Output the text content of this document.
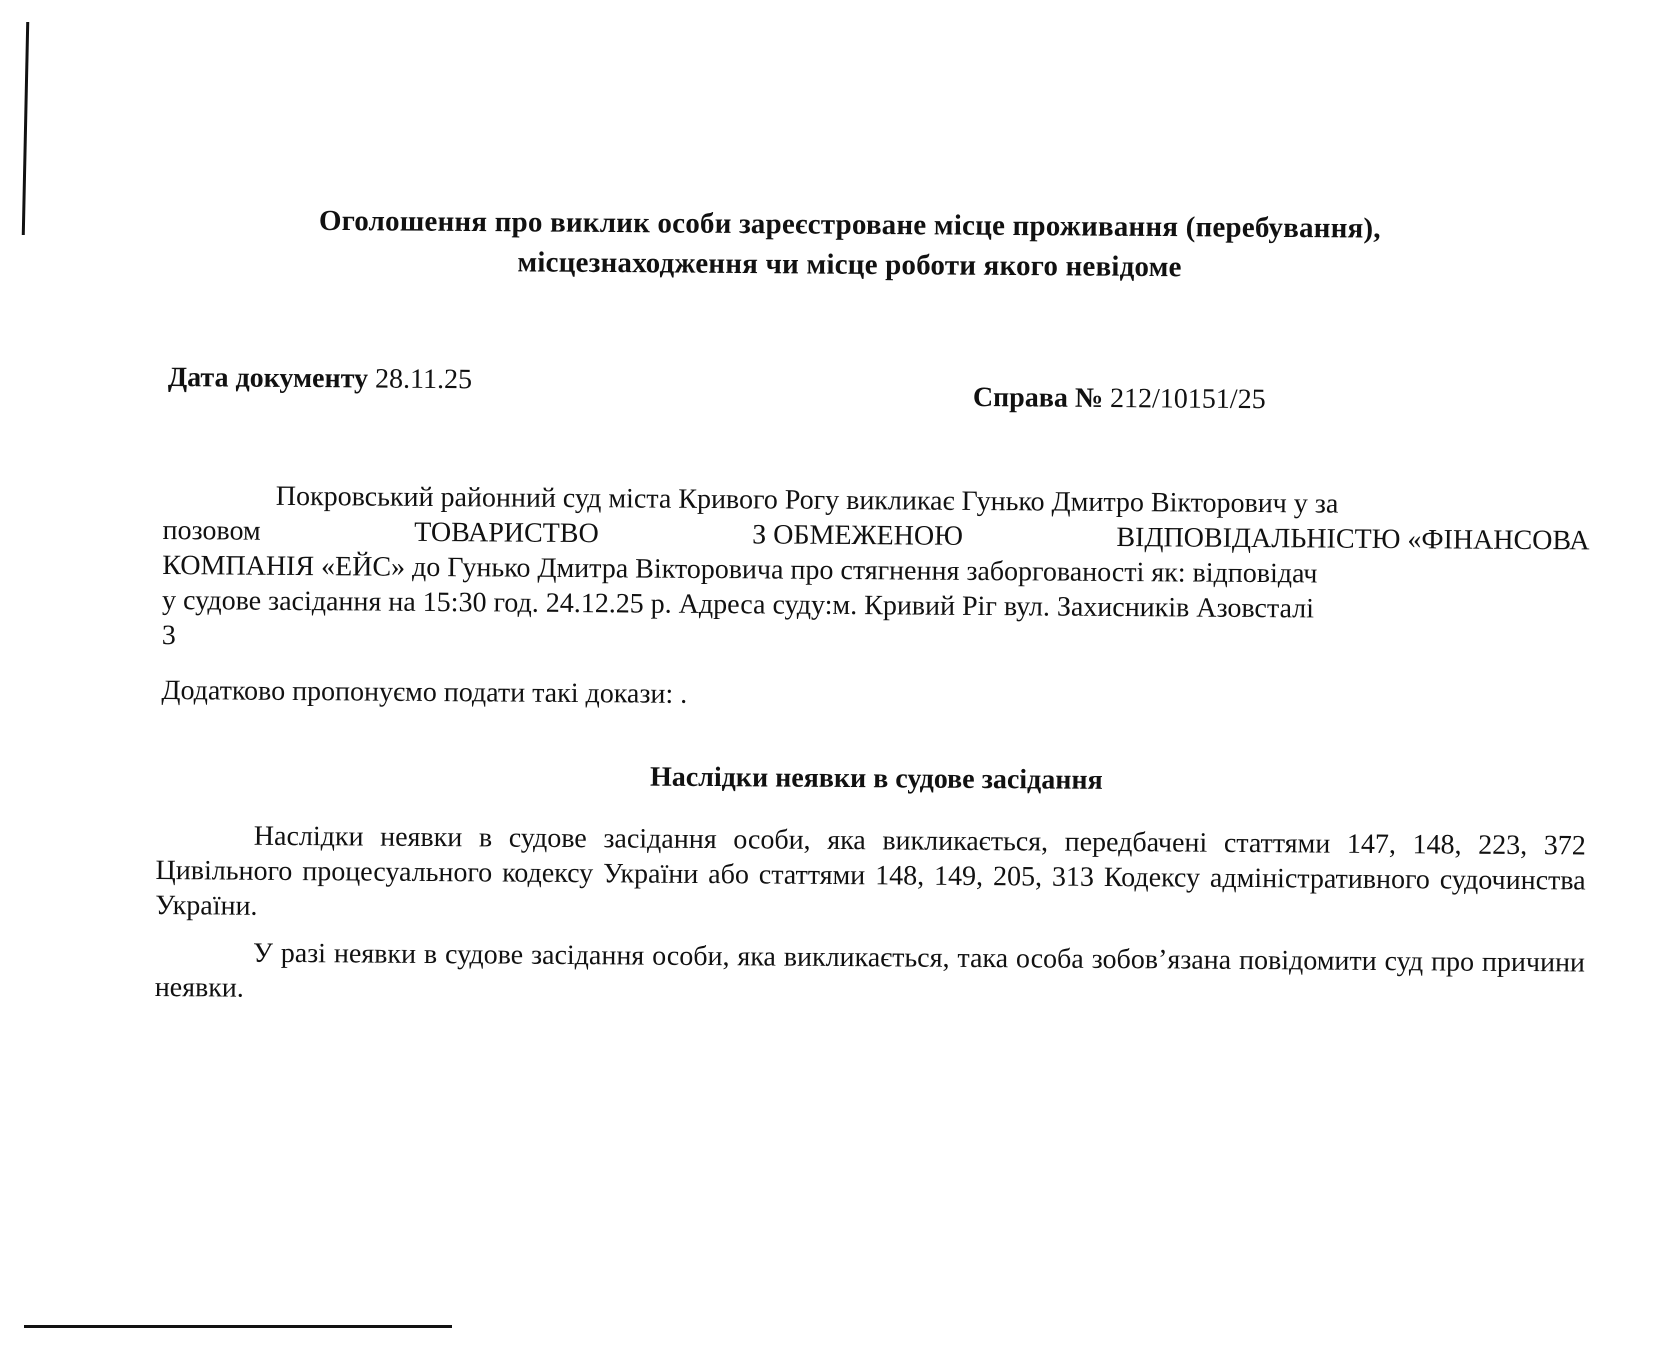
Оголошення про виклик особи зареєстроване місце проживання (перебування),
місцезнаходження чи місце роботи якого невідоме
Дата документу 28.11.25
Справа № 212/10151/25
Покровський районний суд міста Кривого Рогу викликає Гунько Дмитро Вікторович у за
позовом	ТОВАРИСТВО	З ОБМЕЖЕНОЮ	ВІДПОВІДАЛЬНІСТЮ «ФІНАНСОВА
КОМПАНІЯ «ЕЙС» до Гунько Дмитра Вікторовича про стягнення заборгованості як: відповідач
у судове засідання на 15:30 год. 24.12.25 р. Адреса суду:м. Кривий Ріг вул. Захисників Азовсталі
3
Додатково пропонуємо подати такі докази: .
Наслідки неявки в судове засідання
Наслідки неявки в судове засідання особи, яка викликається, передбачені статтями 147, 148, 223, 372 Цивільного процесуального кодексу України або статтями 148, 149, 205, 313 Кодексу адміністративного судочинства України.
У разі неявки в судове засідання особи, яка викликається, така особа зобов’язана повідомити суд про причини неявки.
